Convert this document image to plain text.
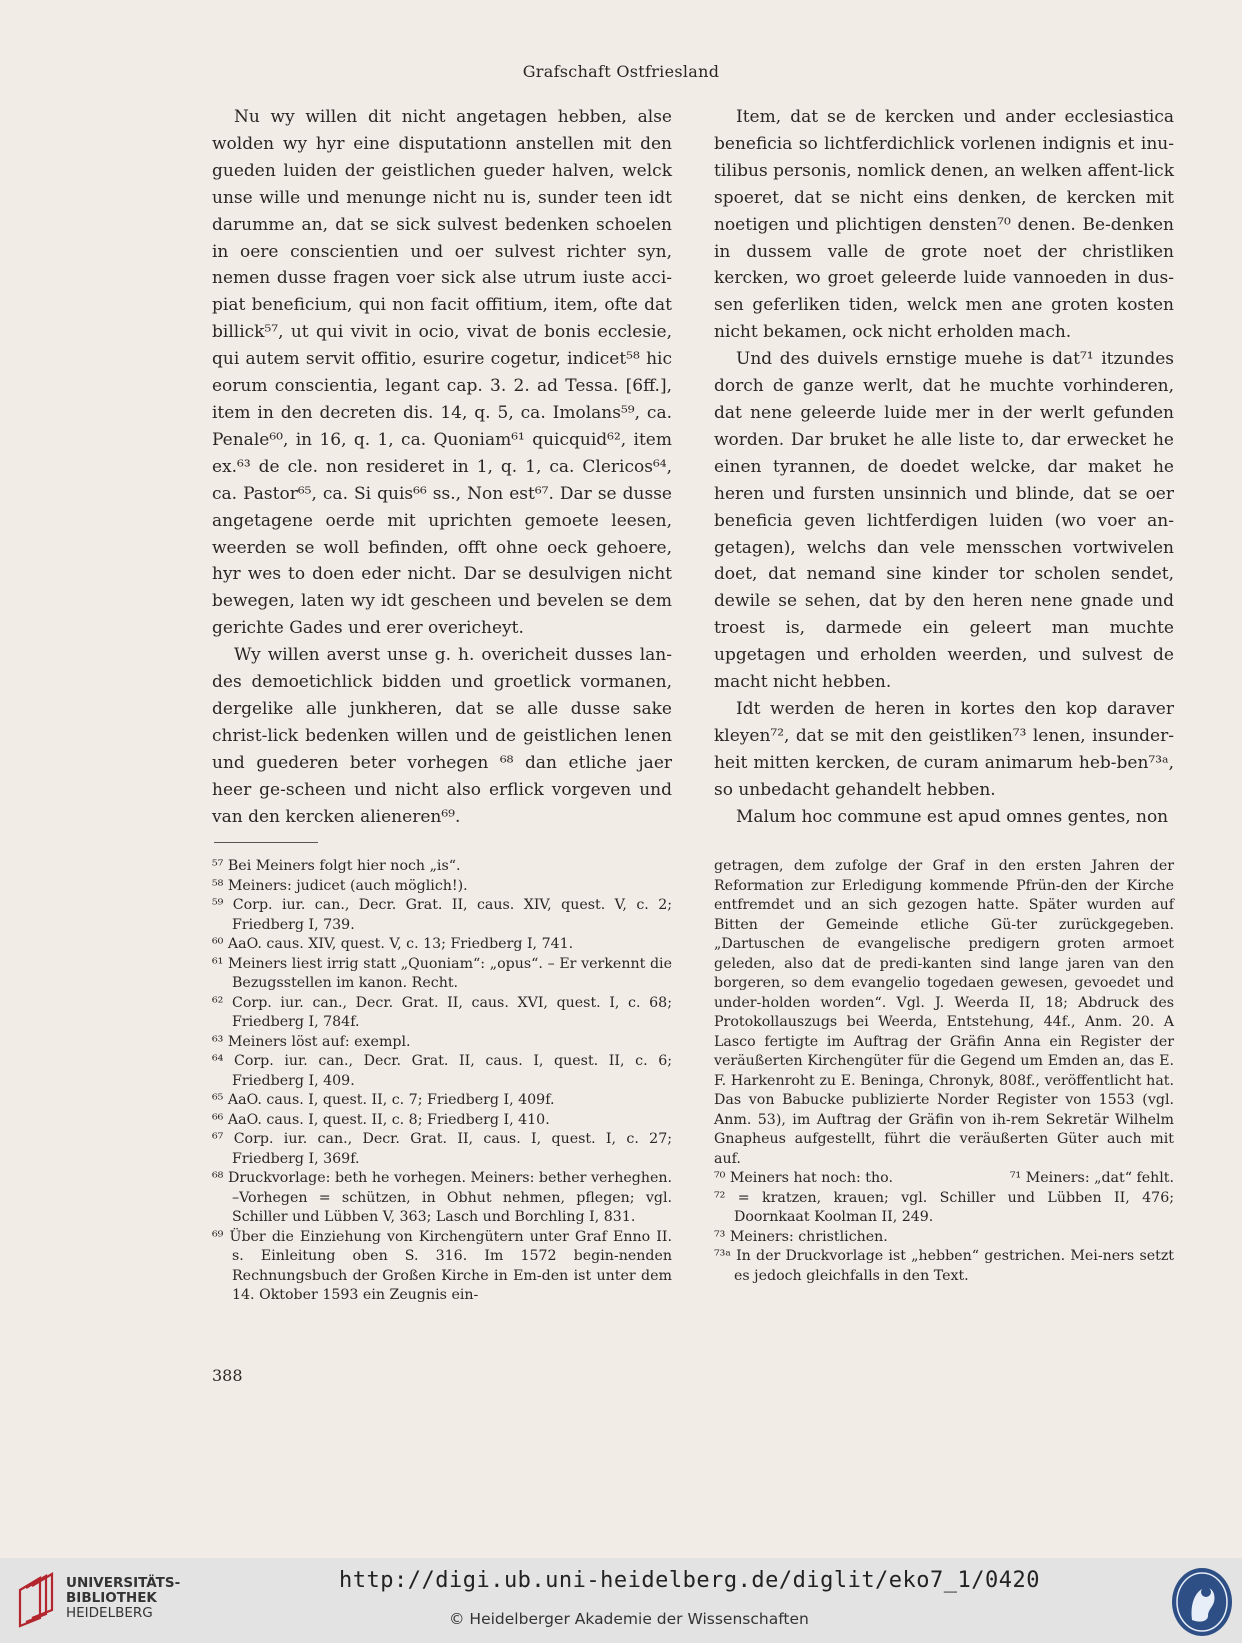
Grafschaft Ostfriesland

Nu wy willen dit nicht angetagen hebben, alse wolden wy hyr eine disputationn anstellen mit den gueden luiden der geistlichen gueder halven, welck unse wille und menunge nicht nu is, sunder teen idt darumme an, dat se sick sulvest bedenken schoelen in oere conscientien und oer sulvest richter syn, nemen dusse fragen voer sick alse utrum iuste acci-piat beneficium, qui non facit offitium, item, ofte dat billick⁵⁷, ut qui vivit in ocio, vivat de bonis ecclesie, qui autem servit offitio, esurire cogetur, indicet⁵⁸ hic eorum conscientia, legant cap. 3. 2. ad Tessa. [6ff.], item in den decreten dis. 14, q. 5, ca. Imolans⁵⁹, ca. Penale⁶⁰, in 16, q. 1, ca. Quoniam⁶¹ quicquid⁶², item ex.⁶³ de cle. non resideret in 1, q. 1, ca. Clericos⁶⁴, ca. Pastor⁶⁵, ca. Si quis⁶⁶ ss., Non est⁶⁷. Dar se dusse angetagene oerde mit uprichten gemoete leesen, weerden se woll befinden, offt ohne oeck gehoere, hyr wes to doen eder nicht. Dar se desulvigen nicht bewegen, laten wy idt gescheen und bevelen se dem gerichte Gades und erer overicheyt.

Wy willen averst unse g. h. overicheit dusses lan-des demoetichlick bidden und groetlick vormanen, dergelike alle junkheren, dat se alle dusse sake christ-lick bedenken willen und de geistlichen lenen und guederen beter vorhegen ⁶⁸ dan etliche jaer heer ge-scheen und nicht also erflick vorgeven und van den kercken alieneren⁶⁹.

Item, dat se de kercken und ander ecclesiastica beneficia so lichtferdichlick vorlenen indignis et inu-tilibus personis, nomlick denen, an welken affent-lick spoeret, dat se nicht eins denken, de kercken mit noetigen und plichtigen densten⁷⁰ denen. Be-denken in dussem valle de grote noet der christliken kercken, wo groet geleerde luide vannoeden in dus-sen geferliken tiden, welck men ane groten kosten nicht bekamen, ock nicht erholden mach.

Und des duivels ernstige muehe is dat⁷¹ itzundes dorch de ganze werlt, dat he muchte vorhinderen, dat nene geleerde luide mer in der werlt gefunden worden. Dar bruket he alle liste to, dar erwecket he einen tyrannen, de doedet welcke, dar maket he heren und fursten unsinnich und blinde, dat se oer beneficia geven lichtferdigen luiden (wo voer an-getagen), welchs dan vele mensschen vortwivelen doet, dat nemand sine kinder tor scholen sendet, dewile se sehen, dat by den heren nene gnade und troest is, darmede ein geleert man muchte upgetagen und erholden weerden, und sulvest de macht nicht hebben.

Idt werden de heren in kortes den kop daraver kleyen⁷², dat se mit den geistliken⁷³ lenen, insunder-heit mitten kercken, de curam animarum heb-ben⁷³ᵃ, so unbedacht gehandelt hebben.

Malum hoc commune est apud omnes gentes, non

⁵⁷ Bei Meiners folgt hier noch „is“.
⁵⁸ Meiners: judicet (auch möglich!).
⁵⁹ Corp. iur. can., Decr. Grat. II, caus. XIV, quest. V, c. 2; Friedberg I, 739.
⁶⁰ AaO. caus. XIV, quest. V, c. 13; Friedberg I, 741.
⁶¹ Meiners liest irrig statt „Quoniam“: „opus“. – Er verkennt die Bezugsstellen im kanon. Recht.
⁶² Corp. iur. can., Decr. Grat. II, caus. XVI, quest. I, c. 68; Friedberg I, 784f.
⁶³ Meiners löst auf: exempl.
⁶⁴ Corp. iur. can., Decr. Grat. II, caus. I, quest. II, c. 6; Friedberg I, 409.
⁶⁵ AaO. caus. I, quest. II, c. 7; Friedberg I, 409f.
⁶⁶ AaO. caus. I, quest. II, c. 8; Friedberg I, 410.
⁶⁷ Corp. iur. can., Decr. Grat. II, caus. I, quest. I, c. 27; Friedberg I, 369f.
⁶⁸ Druckvorlage: beth he vorhegen. Meiners: bether verheghen. –Vorhegen = schützen, in Obhut nehmen, pflegen; vgl. Schiller und Lübben V, 363; Lasch und Borchling I, 831.
⁶⁹ Über die Einziehung von Kirchengütern unter Graf Enno II. s. Einleitung oben S. 316. Im 1572 begin-nenden Rechnungsbuch der Großen Kirche in Em-den ist unter dem 14. Oktober 1593 ein Zeugnis ein-
getragen, dem zufolge der Graf in den ersten Jahren der Reformation zur Erledigung kommende Pfrün-den der Kirche entfremdet und an sich gezogen hatte. Später wurden auf Bitten der Gemeinde etliche Gü-ter zurückgegeben. „Dartuschen de evangelische predigern groten armoet geleden, also dat de predi-kanten sind lange jaren van den borgeren, so dem evangelio togedaen gewesen, gevoedet und under-holden worden“. Vgl. J. Weerda II, 18; Abdruck des Protokollauszugs bei Weerda, Entstehung, 44f., Anm. 20. A Lasco fertigte im Auftrag der Gräfin Anna ein Register der veräußerten Kirchengüter für die Gegend um Emden an, das E. F. Harkenroht zu E. Beninga, Chronyk, 808f., veröffentlicht hat. Das von Babucke publizierte Norder Register von 1553 (vgl. Anm. 53), im Auftrag der Gräfin von ih-rem Sekretär Wilhelm Gnapheus aufgestellt, führt die veräußerten Güter auch mit auf.
⁷⁰ Meiners hat noch: tho.	⁷¹ Meiners: „dat“ fehlt.
⁷² = kratzen, krauen; vgl. Schiller und Lübben II, 476; Doornkaat Koolman II, 249.
⁷³ Meiners: christlichen.
⁷³ᵃ In der Druckvorlage ist „hebben“ gestrichen. Mei-ners setzt es jedoch gleichfalls in den Text.
388
UNIVERSITÄTS-
BIBLIOTHEK
HEIDELBERG
http://digi.ub.uni-heidelberg.de/diglit/eko7_1/0420
© Heidelberger Akademie der Wissenschaften
